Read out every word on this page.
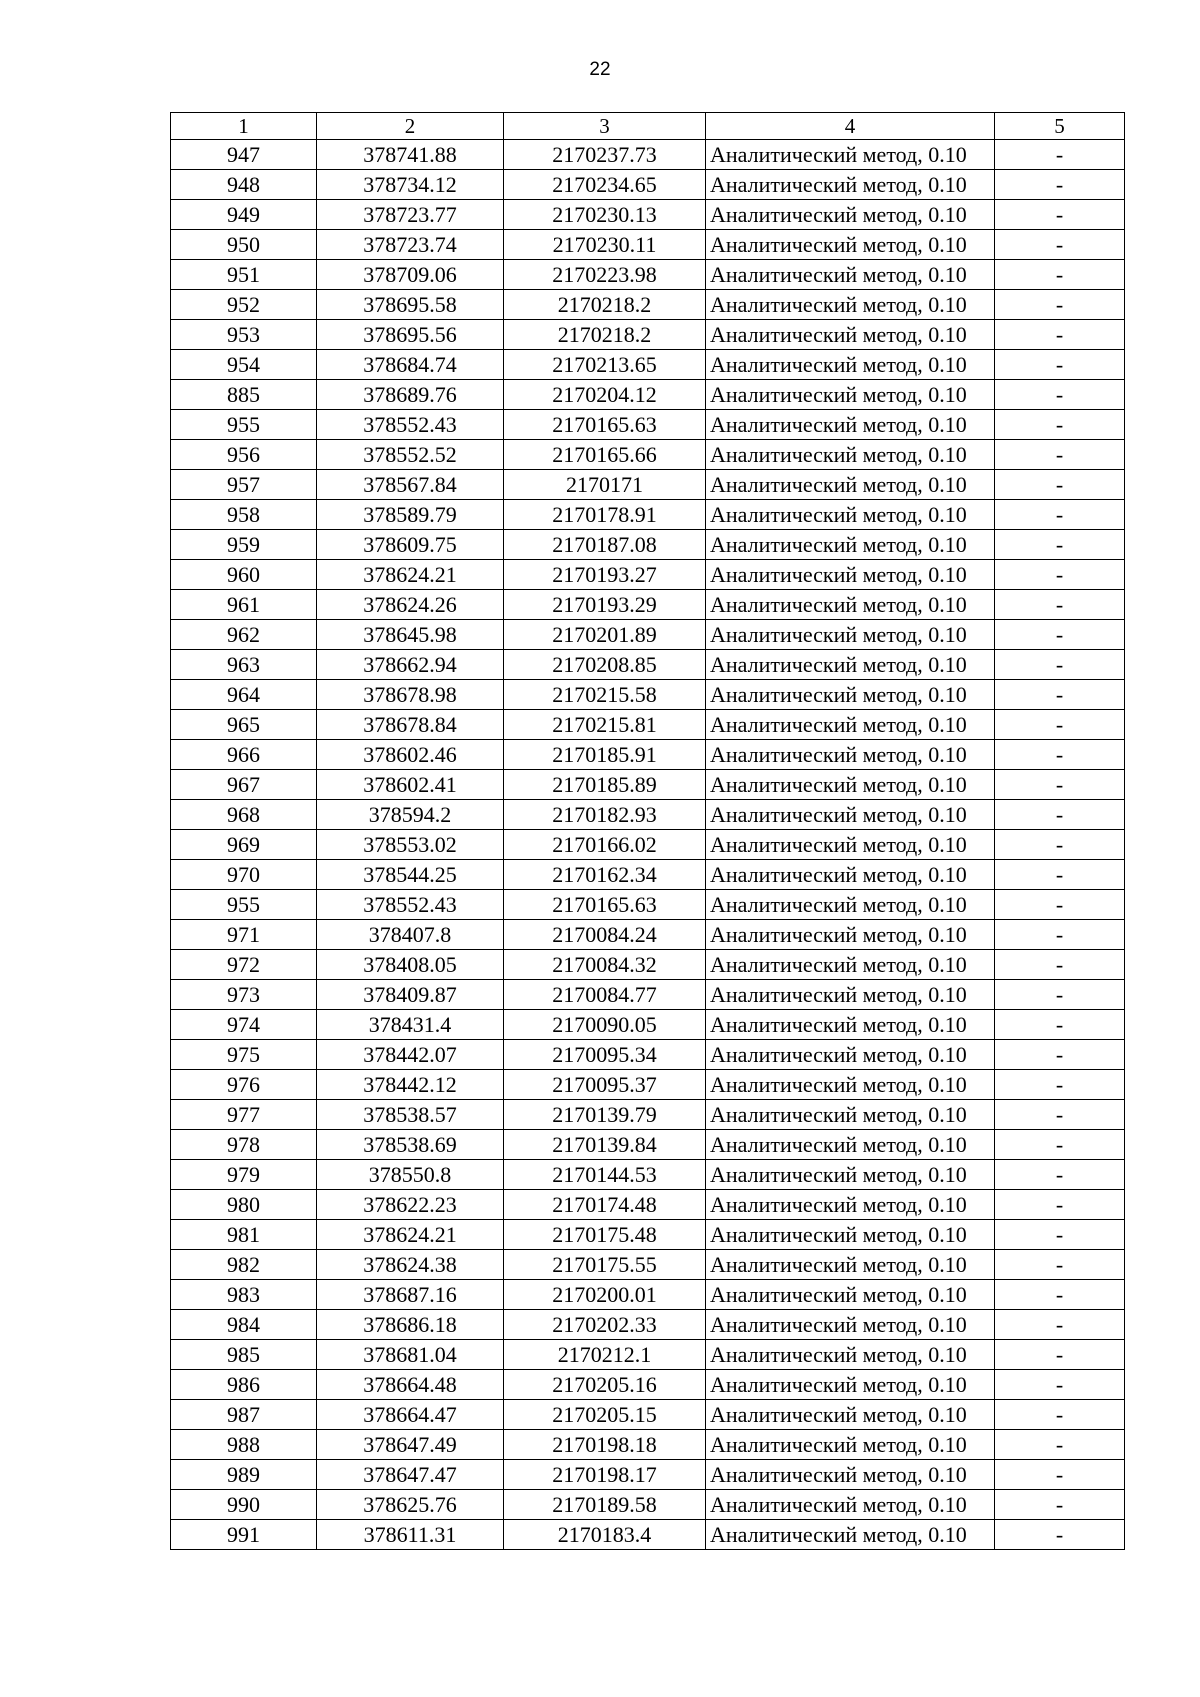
22
1	2	3	4	5
947	378741.88	2170237.73	Аналитический метод, 0.10	-
948	378734.12	2170234.65	Аналитический метод, 0.10	-
949	378723.77	2170230.13	Аналитический метод, 0.10	-
950	378723.74	2170230.11	Аналитический метод, 0.10	-
951	378709.06	2170223.98	Аналитический метод, 0.10	-
952	378695.58	2170218.2	Аналитический метод, 0.10	-
953	378695.56	2170218.2	Аналитический метод, 0.10	-
954	378684.74	2170213.65	Аналитический метод, 0.10	-
885	378689.76	2170204.12	Аналитический метод, 0.10	-
955	378552.43	2170165.63	Аналитический метод, 0.10	-
956	378552.52	2170165.66	Аналитический метод, 0.10	-
957	378567.84	2170171	Аналитический метод, 0.10	-
958	378589.79	2170178.91	Аналитический метод, 0.10	-
959	378609.75	2170187.08	Аналитический метод, 0.10	-
960	378624.21	2170193.27	Аналитический метод, 0.10	-
961	378624.26	2170193.29	Аналитический метод, 0.10	-
962	378645.98	2170201.89	Аналитический метод, 0.10	-
963	378662.94	2170208.85	Аналитический метод, 0.10	-
964	378678.98	2170215.58	Аналитический метод, 0.10	-
965	378678.84	2170215.81	Аналитический метод, 0.10	-
966	378602.46	2170185.91	Аналитический метод, 0.10	-
967	378602.41	2170185.89	Аналитический метод, 0.10	-
968	378594.2	2170182.93	Аналитический метод, 0.10	-
969	378553.02	2170166.02	Аналитический метод, 0.10	-
970	378544.25	2170162.34	Аналитический метод, 0.10	-
955	378552.43	2170165.63	Аналитический метод, 0.10	-
971	378407.8	2170084.24	Аналитический метод, 0.10	-
972	378408.05	2170084.32	Аналитический метод, 0.10	-
973	378409.87	2170084.77	Аналитический метод, 0.10	-
974	378431.4	2170090.05	Аналитический метод, 0.10	-
975	378442.07	2170095.34	Аналитический метод, 0.10	-
976	378442.12	2170095.37	Аналитический метод, 0.10	-
977	378538.57	2170139.79	Аналитический метод, 0.10	-
978	378538.69	2170139.84	Аналитический метод, 0.10	-
979	378550.8	2170144.53	Аналитический метод, 0.10	-
980	378622.23	2170174.48	Аналитический метод, 0.10	-
981	378624.21	2170175.48	Аналитический метод, 0.10	-
982	378624.38	2170175.55	Аналитический метод, 0.10	-
983	378687.16	2170200.01	Аналитический метод, 0.10	-
984	378686.18	2170202.33	Аналитический метод, 0.10	-
985	378681.04	2170212.1	Аналитический метод, 0.10	-
986	378664.48	2170205.16	Аналитический метод, 0.10	-
987	378664.47	2170205.15	Аналитический метод, 0.10	-
988	378647.49	2170198.18	Аналитический метод, 0.10	-
989	378647.47	2170198.17	Аналитический метод, 0.10	-
990	378625.76	2170189.58	Аналитический метод, 0.10	-
991	378611.31	2170183.4	Аналитический метод, 0.10	-
